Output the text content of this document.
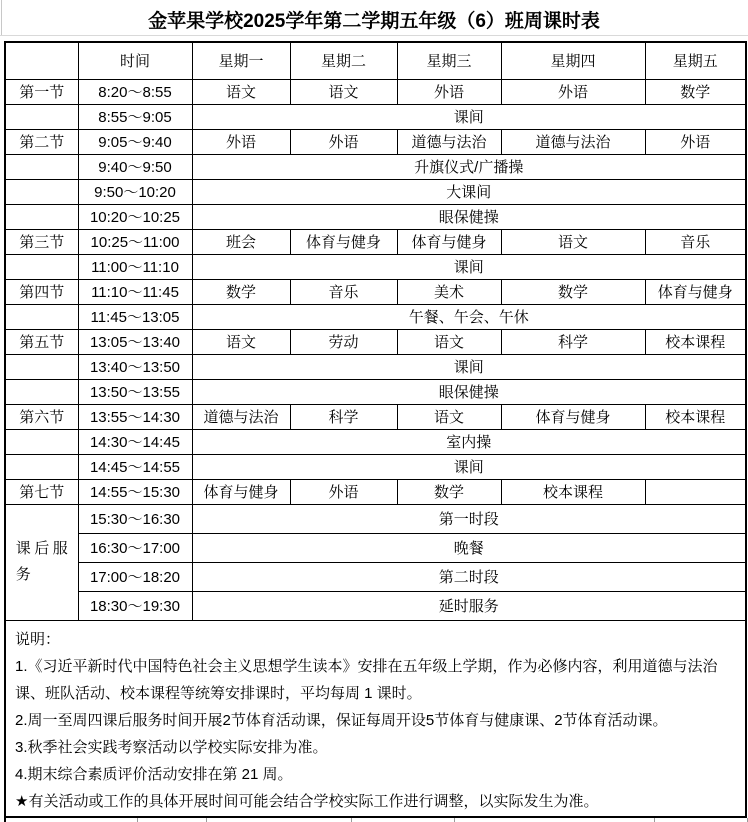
金苹果学校2025学年第二学期五年级（6）班周课时表
	时间	星期一	星期二	星期三	星期四	星期五
第一节	8:20～8:55	语文	语文	外语	外语	数学
	8:55～9:05	课间				
第二节	9:05～9:40	外语	外语	道德与法治	道德与法治	外语
	9:40～9:50	升旗仪式/广播操				
	9:50～10:20	大课间				
	10:20～10:25	眼保健操				
第三节	10:25～11:00	班会	体育与健身	体育与健身	语文	音乐
	11:00～11:10	课间				
第四节	11:10～11:45	数学	音乐	美术	数学	体育与健身
	11:45～13:05	午餐、午会、午休				
第五节	13:05～13:40	语文	劳动	语文	科学	校本课程
	13:40～13:50	课间				
	13:50～13:55	眼保健操				
第六节	13:55～14:30	道德与法治	科学	语文	体育与健身	校本课程
	14:30～14:45	室内操				
	14:45～14:55	课间				
第七节	14:55～15:30	体育与健身	外语	数学	校本课程	

课后服务	15:30～16:30	第一时段				
	16:30～17:00	晚餐				
	17:00～18:20	第二时段				
	18:30～19:30	延时服务				

说明：
1.《习近平新时代中国特色社会主义思想学生读本》安排在五年级上学期，作为必修内容，利用道德与法治课、班队活动、校本课程等统筹安排课时，平均每周 1 课时。
2.周一至周四课后服务时间开展2节体育活动课，保证每周开设5节体育与健康课、2节体育活动课。
3.秋季社会实践考察活动以学校实际安排为准。
4.期末综合素质评价活动安排在第 21 周。
★有关活动或工作的具体开展时间可能会结合学校实际工作进行调整，以实际发生为准。
